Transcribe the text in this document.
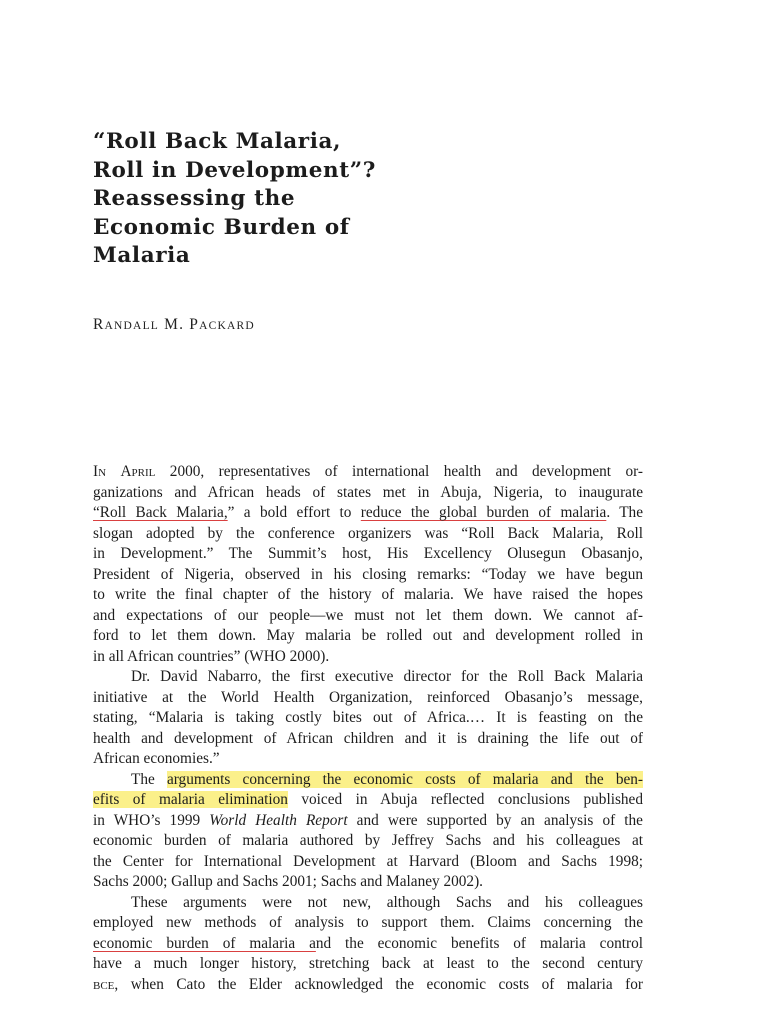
“Roll Back Malaria,
Roll in Development”?
Reassessing the
Economic Burden of
Malaria
RANDALL M. PACKARD

In April 2000, representatives of international health and development or-
ganizations and African heads of states met in Abuja, Nigeria, to inaugurate
“Roll Back Malaria,” a bold effort to reduce the global burden of malaria. The
slogan adopted by the conference organizers was “Roll Back Malaria, Roll
in Development.” The Summit’s host, His Excellency Olusegun Obasanjo,
President of Nigeria, observed in his closing remarks: “Today we have begun
to write the final chapter of the history of malaria. We have raised the hopes
and expectations of our people—we must not let them down. We cannot af-
ford to let them down. May malaria be rolled out and development rolled in
in all African countries” (WHO 2000).

Dr. David Nabarro, the first executive director for the Roll Back Malaria
initiative at the World Health Organization, reinforced Obasanjo’s message,
stating, “Malaria is taking costly bites out of Africa.… It is feasting on the
health and development of African children and it is draining the life out of
African economies.”

The arguments concerning the economic costs of malaria and the ben-
efits of malaria elimination voiced in Abuja reflected conclusions published
in WHO’s 1999 World Health Report and were supported by an analysis of the
economic burden of malaria authored by Jeffrey Sachs and his colleagues at
the Center for International Development at Harvard (Bloom and Sachs 1998;
Sachs 2000; Gallup and Sachs 2001; Sachs and Malaney 2002).

These arguments were not new, although Sachs and his colleagues
employed new methods of analysis to support them. Claims concerning the
economic burden of malaria and the economic benefits of malaria control
have a much longer history, stretching back at least to the second century
bce, when Cato the Elder acknowledged the economic costs of malaria for
